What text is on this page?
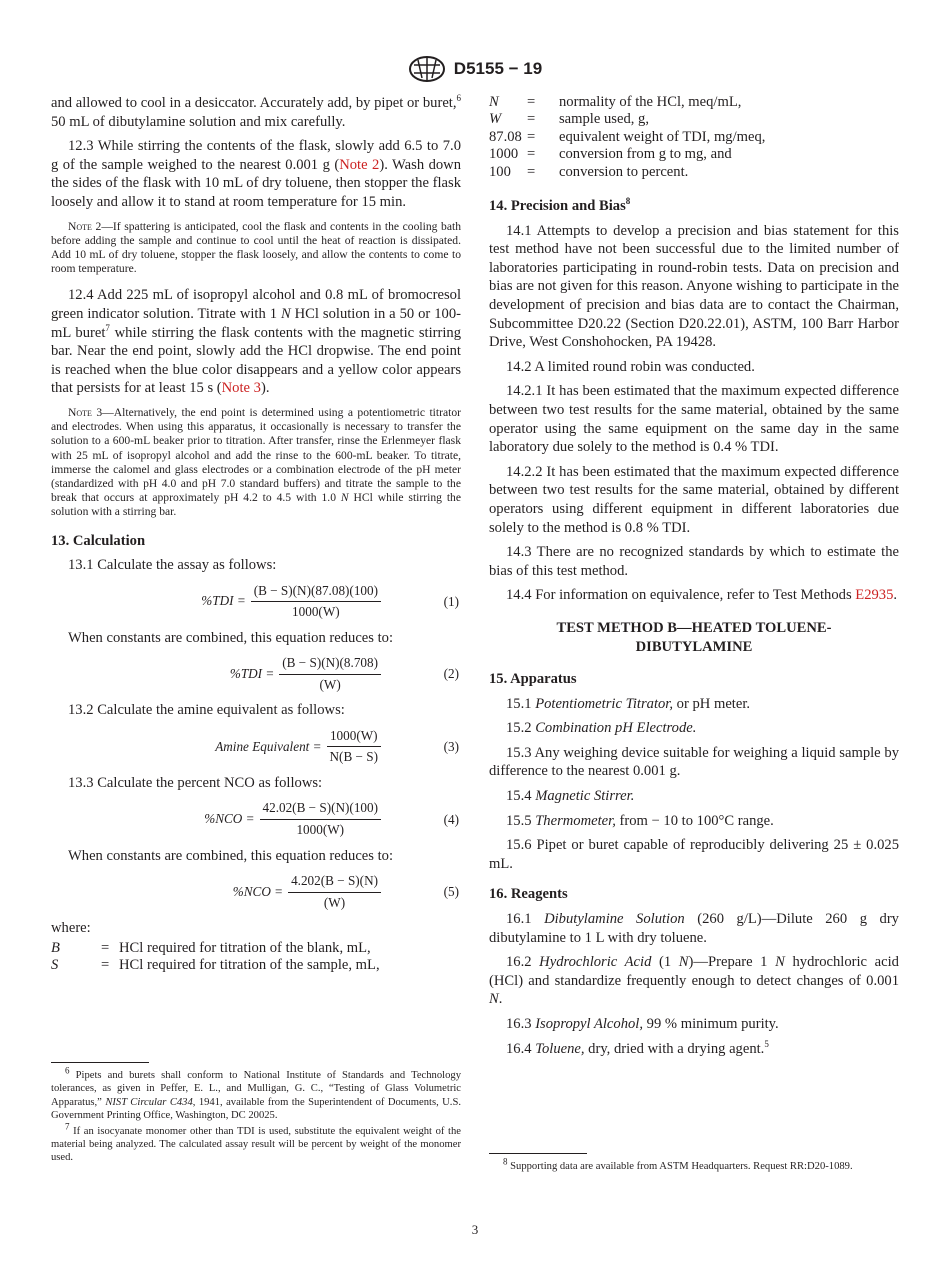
D5155 − 19

and allowed to cool in a desiccator. Accurately add, by pipet or buret,$^6$ 50 mL of dibutylamine solution and mix carefully.

12.3 While stirring the contents of the flask, slowly add 6.5 to 7.0 g of the sample weighed to the nearest 0.001 g (Note 2). Wash down the sides of the flask with 10 mL of dry toluene, then stopper the flask loosely and allow it to stand at room temperature for 15 min.

Note 2—If spattering is anticipated, cool the flask and contents in the cooling bath before adding the sample and continue to cool until the heat of reaction is dissipated. Add 10 mL of dry toluene, stopper the flask loosely, and allow the contents to come to room temperature.

12.4 Add 225 mL of isopropyl alcohol and 0.8 mL of bromocresol green indicator solution. Titrate with 1 N HCl solution in a 50 or 100-mL buret$^7$ while stirring the flask contents with the magnetic stirring bar. Near the end point, slowly add the HCl dropwise. The end point is reached when the blue color disappears and a yellow color appears that persists for at least 15 s (Note 3).

Note 3—Alternatively, the end point is determined using a potentiometric titrator and electrodes. When using this apparatus, it occasionally is necessary to transfer the solution to a 600-mL beaker prior to titration. After transfer, rinse the Erlenmeyer flask with 25 mL of isopropyl alcohol and add the rinse to the 600-mL beaker. To titrate, immerse the calomel and glass electrodes or a combination electrode of the pH meter (standardized with pH 4.0 and pH 7.0 standard buffers) and titrate the sample to the break that occurs at approximately pH 4.2 to 4.5 with 1.0 N HCl while stirring the solution with a stirring bar.
13. Calculation

13.1 Calculate the assay as follows:

$\%TDI = \frac{(B - S)(N)(87.08)(100)}{1000(W)}$	(1)

When constants are combined, this equation reduces to:

$\%TDI = \frac{(B - S)(N)(8.708)}{(W)}$	(2)

13.2 Calculate the amine equivalent as follows:

Amine Equivalent = $\frac{1000(W)}{N(B - S)}$	(3)

13.3 Calculate the percent NCO as follows:

$\%NCO = \frac{42.02(B - S)(N)(100)}{1000(W)}$	(4)

When constants are combined, this equation reduces to:

$\%NCO = \frac{4.202(B - S)(N)}{(W)}$	(5)

where:

B	= HCl required for titration of the blank, mL,
S	= HCl required for titration of the sample, mL,

$^6$ Pipets and burets shall conform to National Institute of Standards and Technology tolerances, as given in Peffer, E. L., and Mulligan, G. C., “Testing of Glass Volumetric Apparatus,” NIST Circular C434, 1941, available from the Superintendent of Documents, U.S. Government Printing Office, Washington, DC 20025.

$^7$ If an isocyanate monomer other than TDI is used, substitute the equivalent weight of the material being analyzed. The calculated assay result will be percent by weight of the monomer used.

N	=	normality of the HCl, meq/mL,
W	=	sample used, g,
87.08 =	equivalent weight of TDI, mg/meq,
1000 =	conversion from g to mg, and
100	=	conversion to percent.
14. Precision and Bias$^8$

14.1 Attempts to develop a precision and bias statement for this test method have not been successful due to the limited number of laboratories participating in round-robin tests. Data on precision and bias are not given for this reason. Anyone wishing to participate in the development of precision and bias data are to contact the Chairman, Subcommittee D20.22 (Section D20.22.01), ASTM, 100 Barr Harbor Drive, West Conshohocken, PA 19428.

14.2 A limited round robin was conducted.

14.2.1 It has been estimated that the maximum expected difference between two test results for the same material, obtained by the same operator using the same equipment on the same day in the same laboratory due solely to the method is 0.4 % TDI.

14.2.2 It has been estimated that the maximum expected difference between two test results for the same material, obtained by different operators using different equipment in different laboratories due solely to the method is 0.8 % TDI.

14.3 There are no recognized standards by which to estimate the bias of this test method.

14.4 For information on equivalence, refer to Test Methods E2935.

TEST METHOD B—HEATED TOLUENE-
DIBUTYLAMINE
15. Apparatus

15.1 Potentiometric Titrator, or pH meter.

15.2 Combination pH Electrode.

15.3 Any weighing device suitable for weighing a liquid sample by difference to the nearest 0.001 g.

15.4 Magnetic Stirrer.

15.5 Thermometer, from − 10 to 100°C range.

15.6 Pipet or buret capable of reproducibly delivering 25 ± 0.025 mL.

16. Reagents

16.1 Dibutylamine Solution (260 g/L)—Dilute 260 g dry dibutylamine to 1 L with dry toluene.

16.2 Hydrochloric Acid (1 N)—Prepare 1 N hydrochloric acid (HCl) and standardize frequently enough to detect changes of 0.001 N.

16.3 Isopropyl Alcohol, 99 % minimum purity.

16.4 Toluene, dry, dried with a drying agent.$^5$

$^8$ Supporting data are available from ASTM Headquarters. Request RR:D20-1089.

3
